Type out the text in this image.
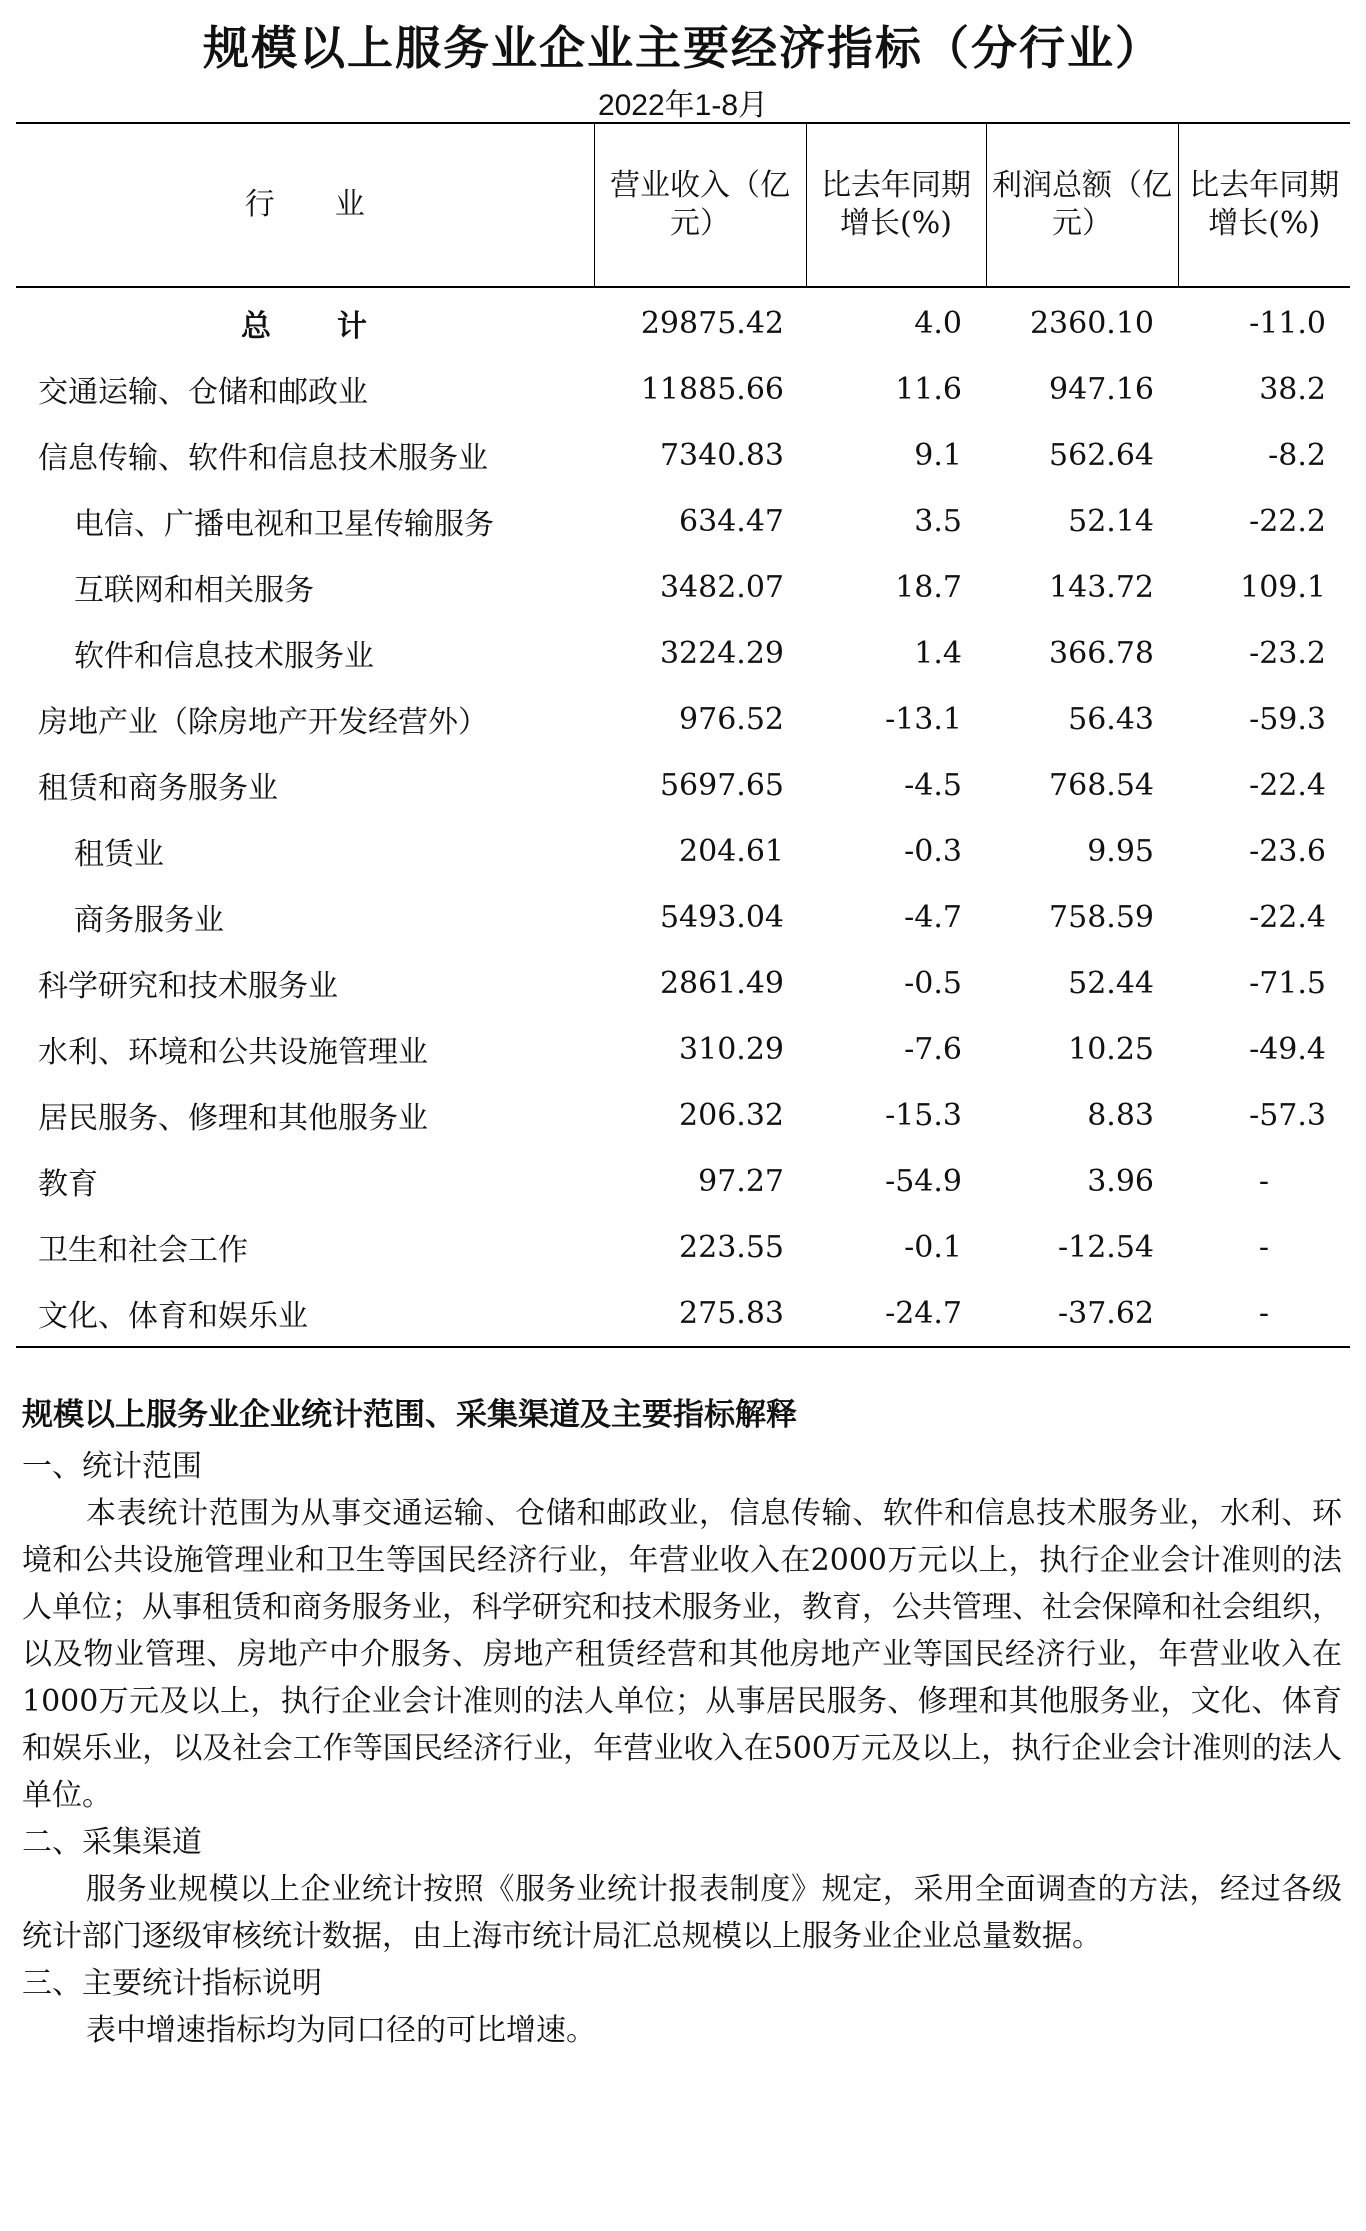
规模以上服务业企业主要经济指标（分行业）
2022年1-8月
行　　业	营业收入（亿元）	比去年同期增长(%)	利润总额（亿元）	比去年同期增长(%)
总　　计	29875.42	4.0	2360.10	-11.0
交通运输、仓储和邮政业	11885.66	11.6	947.16	38.2
信息传输、软件和信息技术服务业	7340.83	9.1	562.64	-8.2
电信、广播电视和卫星传输服务	634.47	3.5	52.14	-22.2
互联网和相关服务	3482.07	18.7	143.72	109.1
软件和信息技术服务业	3224.29	1.4	366.78	-23.2
房地产业（除房地产开发经营外）	976.52	-13.1	56.43	-59.3
租赁和商务服务业	5697.65	-4.5	768.54	-22.4
租赁业	204.61	-0.3	9.95	-23.6
商务服务业	5493.04	-4.7	758.59	-22.4
科学研究和技术服务业	2861.49	-0.5	52.44	-71.5
水利、环境和公共设施管理业	310.29	-7.6	10.25	-49.4
居民服务、修理和其他服务业	206.32	-15.3	8.83	-57.3
教育	97.27	-54.9	3.96	-
卫生和社会工作	223.55	-0.1	-12.54	-
文化、体育和娱乐业	275.83	-24.7	-37.62	-
规模以上服务业企业统计范围、采集渠道及主要指标解释
一、统计范围
本表统计范围为从事交通运输、仓储和邮政业，信息传输、软件和信息技术服务业，水利、环境和公共设施管理业和卫生等国民经济行业，年营业收入在2000万元以上，执行企业会计准则的法人单位；从事租赁和商务服务业，科学研究和技术服务业，教育，公共管理、社会保障和社会组织，以及物业管理、房地产中介服务、房地产租赁经营和其他房地产业等国民经济行业，年营业收入在1000万元及以上，执行企业会计准则的法人单位；从事居民服务、修理和其他服务业，文化、体育和娱乐业，以及社会工作等国民经济行业，年营业收入在500万元及以上，执行企业会计准则的法人单位。
二、采集渠道
服务业规模以上企业统计按照《服务业统计报表制度》规定，采用全面调查的方法，经过各级统计部门逐级审核统计数据，由上海市统计局汇总规模以上服务业企业总量数据。
三、主要统计指标说明
表中增速指标均为同口径的可比增速。
